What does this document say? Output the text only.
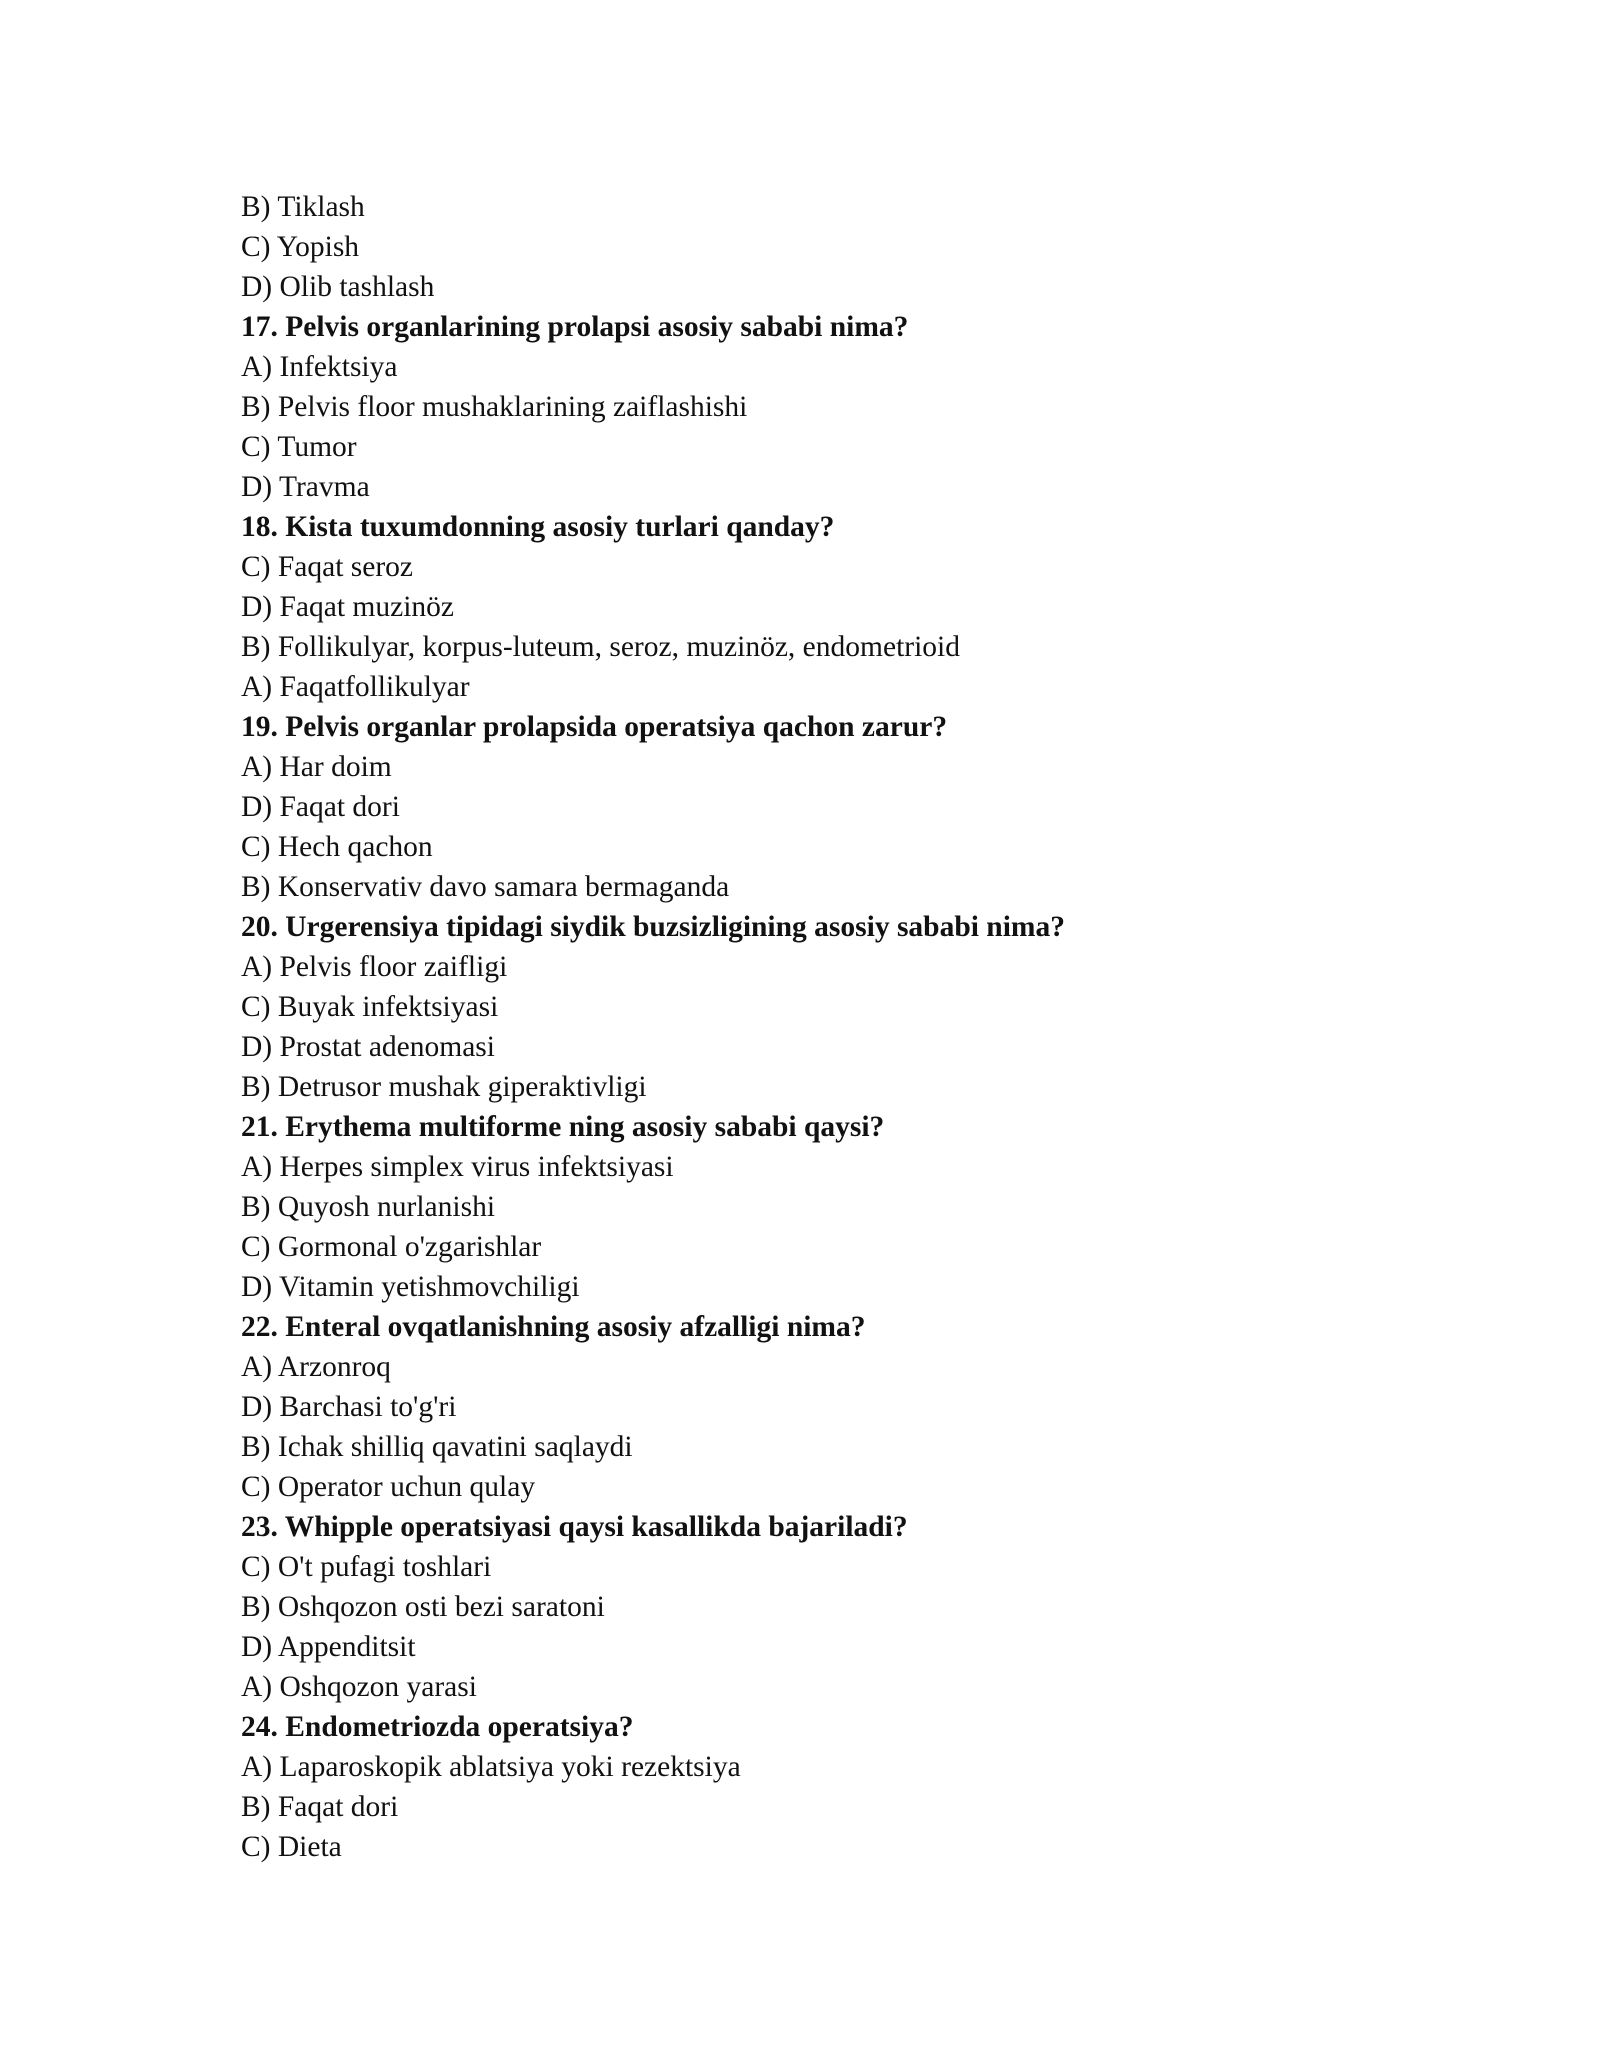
B) Tiklash
C) Yopish
D) Olib tashlash
17. Pelvis organlarining prolapsi asosiy sababi nima?
A) Infektsiya
B) Pelvis floor mushaklarining zaiflashishi
C) Tumor
D) Travma
18. Kista tuxumdonning asosiy turlari qanday?
C) Faqat seroz
D) Faqat muzinöz
B) Follikulyar, korpus-luteum, seroz, muzinöz, endometrioid
A) Faqatfollikulyar
19. Pelvis organlar prolapsida operatsiya qachon zarur?
A) Har doim
D) Faqat dori
C) Hech qachon
B) Konservativ davo samara bermaganda
20. Urgerensiya tipidagi siydik buzsizligining asosiy sababi nima?
A) Pelvis floor zaifligi
C) Buyak infektsiyasi
D) Prostat adenomasi
B) Detrusor mushak giperaktivligi
21. Erythema multiforme ning asosiy sababi qaysi?
A) Herpes simplex virus infektsiyasi
B) Quyosh nurlanishi
C) Gormonal o'zgarishlar
D) Vitamin yetishmovchiligi
22. Enteral ovqatlanishning asosiy afzalligi nima?
A) Arzonroq
D) Barchasi to'g'ri
B) Ichak shilliq qavatini saqlaydi
C) Operator uchun qulay
23. Whipple operatsiyasi qaysi kasallikda bajariladi?
C) O't pufagi toshlari
B) Oshqozon osti bezi saratoni
D) Appenditsit
A) Oshqozon yarasi
24. Endometriozda operatsiya?
A) Laparoskopik ablatsiya yoki rezektsiya
B) Faqat dori
C) Dieta
